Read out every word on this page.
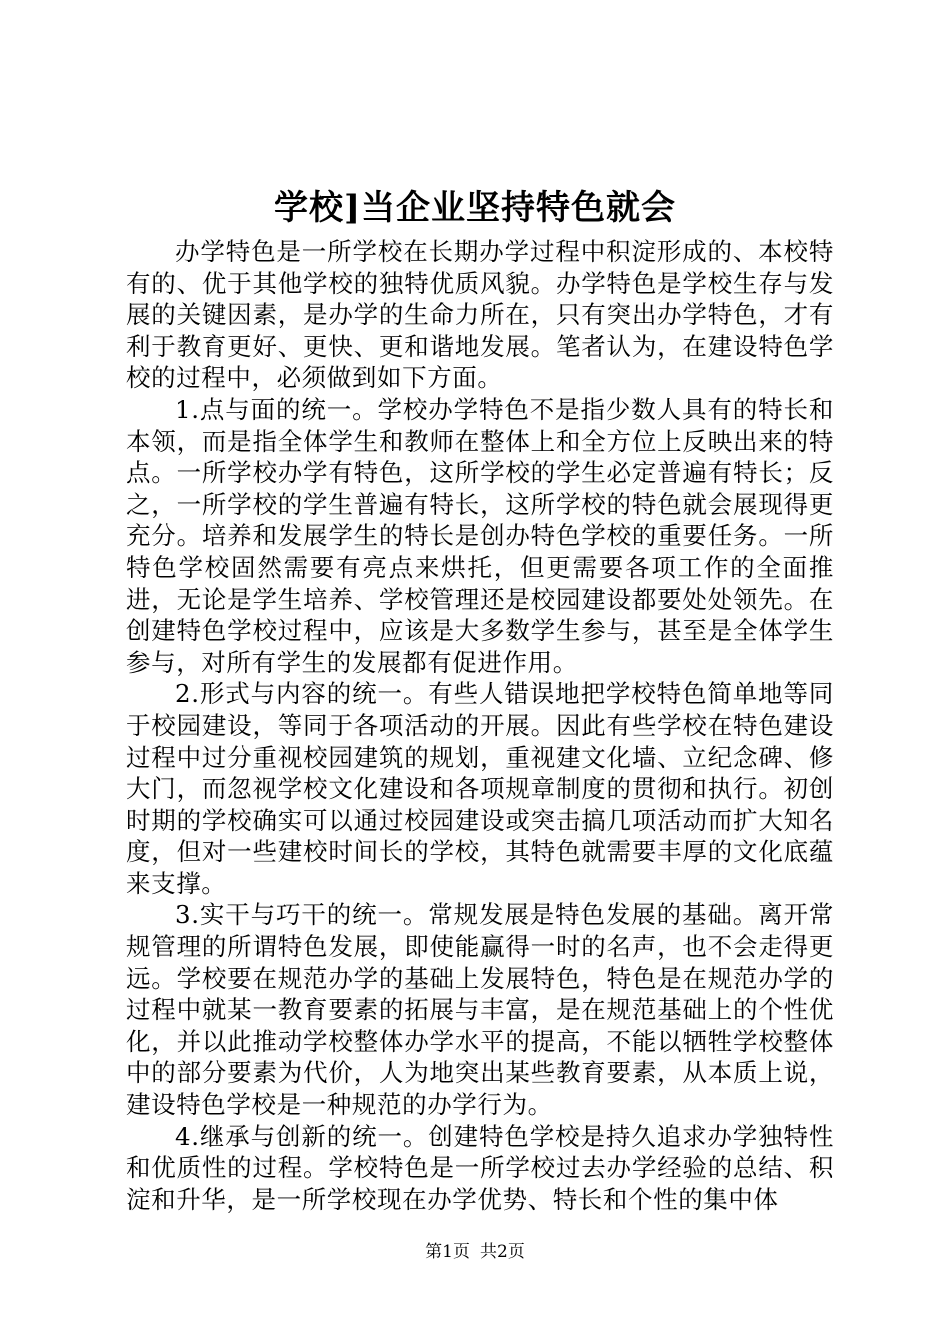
学校]当企业坚持特色就会

办学特色是一所学校在长期办学过程中积淀形成的、本校特有的、优于其他学校的独特优质风貌。办学特色是学校生存与发展的关键因素，是办学的生命力所在，只有突出办学特色，才有利于教育更好、更快、更和谐地发展。笔者认为，在建设特色学校的过程中，必须做到如下方面。

1.点与面的统一。学校办学特色不是指少数人具有的特长和本领，而是指全体学生和教师在整体上和全方位上反映出来的特点。一所学校办学有特色，这所学校的学生必定普遍有特长；反之，一所学校的学生普遍有特长，这所学校的特色就会展现得更充分。培养和发展学生的特长是创办特色学校的重要任务。一所特色学校固然需要有亮点来烘托，但更需要各项工作的全面推进，无论是学生培养、学校管理还是校园建设都要处处领先。在创建特色学校过程中，应该是大多数学生参与，甚至是全体学生参与，对所有学生的发展都有促进作用。

2.形式与内容的统一。有些人错误地把学校特色简单地等同于校园建设，等同于各项活动的开展。因此有些学校在特色建设过程中过分重视校园建筑的规划，重视建文化墙、立纪念碑、修大门，而忽视学校文化建设和各项规章制度的贯彻和执行。初创时期的学校确实可以通过校园建设或突击搞几项活动而扩大知名度，但对一些建校时间长的学校，其特色就需要丰厚的文化底蕴来支撑。

3.实干与巧干的统一。常规发展是特色发展的基础。离开常规管理的所谓特色发展，即使能赢得一时的名声，也不会走得更远。学校要在规范办学的基础上发展特色，特色是在规范办学的过程中就某一教育要素的拓展与丰富，是在规范基础上的个性优化，并以此推动学校整体办学水平的提高，不能以牺牲学校整体中的部分要素为代价，人为地突出某些教育要素，从本质上说，建设特色学校是一种规范的办学行为。

4.继承与创新的统一。创建特色学校是持久追求办学独特性和优质性的过程。学校特色是一所学校过去办学经验的总结、积淀和升华，是一所学校现在办学优势、特长和个性的集中体

第1页 共2页
